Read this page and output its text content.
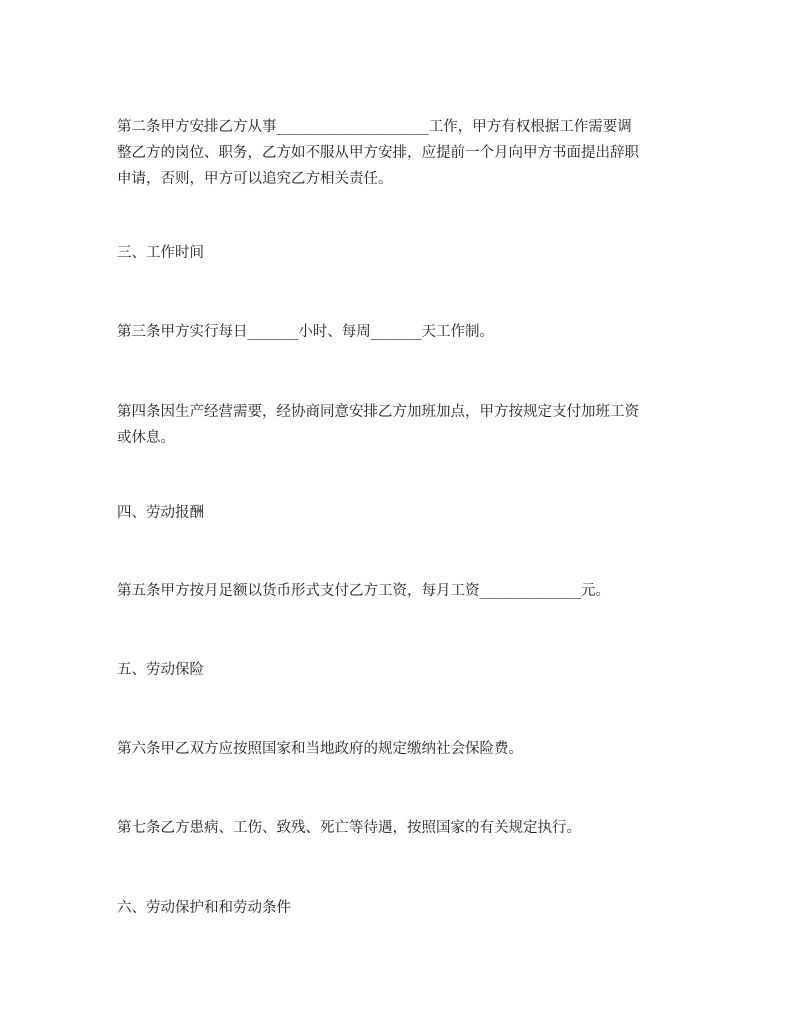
第二条甲方安排乙方从事_____________________工作，甲方有权根据工作需要调
整乙方的岗位、职务，乙方如不服从甲方安排，应提前一个月向甲方书面提出辞职
申请，否则，甲方可以追究乙方相关责任。
三、工作时间
第三条甲方实行每日_______小时、每周_______天工作制。
第四条因生产经营需要，经协商同意安排乙方加班加点，甲方按规定支付加班工资
或休息。
四、劳动报酬
第五条甲方按月足额以货币形式支付乙方工资，每月工资______________元。
五、劳动保险
第六条甲乙双方应按照国家和当地政府的规定缴纳社会保险费。
第七条乙方患病、工伤、致残、死亡等待遇，按照国家的有关规定执行。
六、劳动保护和和劳动条件
